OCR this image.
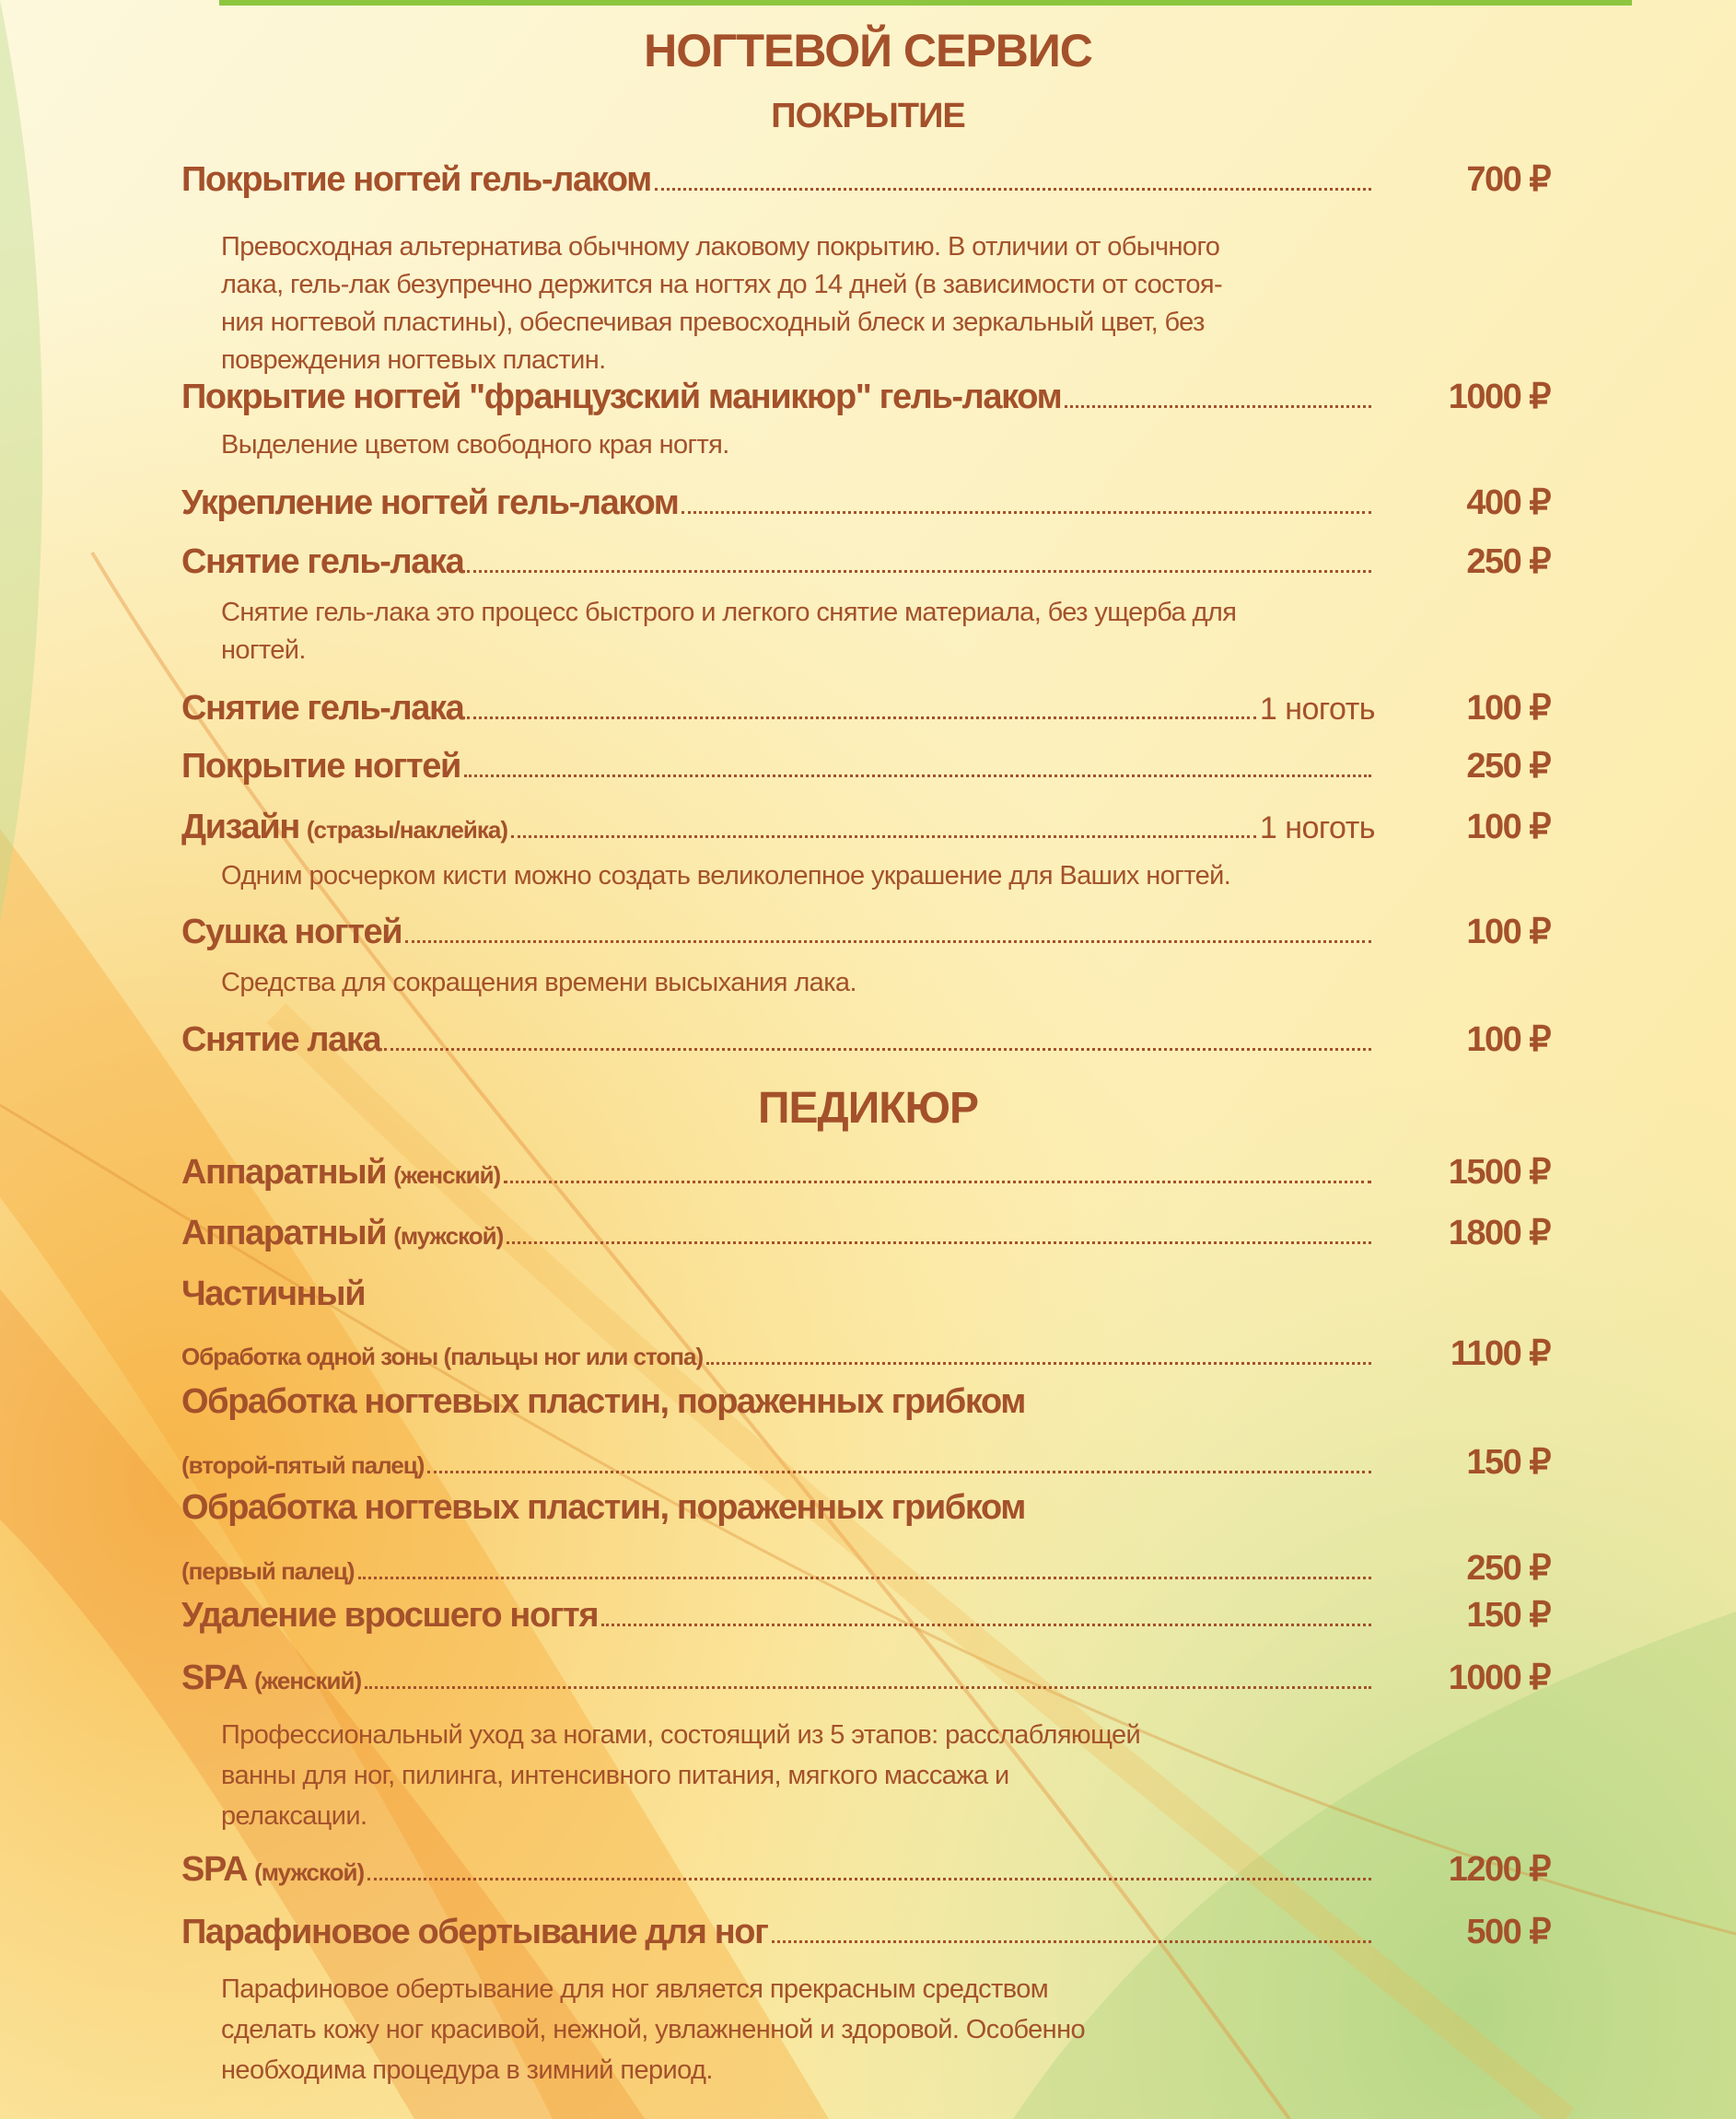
НОГТЕВОЙ СЕРВИС
ПОКРЫТИЕ
Покрытие ногтей гель-лаком	700 ₽
Превосходная альтернатива обычному лаковому покрытию. В отличии от обычного
лака, гель-лак безупречно держится на ногтях до 14 дней (в зависимости от состоя-
ния ногтевой пластины), обеспечивая превосходный блеск и зеркальный цвет, без
повреждения ногтевых пластин.
Покрытие ногтей "французский маникюр" гель-лаком	1000 ₽
Выделение цветом свободного края ногтя.
Укрепление ногтей гель-лаком	400 ₽
Снятие гель-лака	250 ₽
Снятие гель-лака это процесс быстрого и легкого снятие материала, без ущерба для
ногтей.
Снятие гель-лака	1 ноготь	100 ₽
Покрытие ногтей	250 ₽
Дизайн (стразы/наклейка)	1 ноготь	100 ₽
Одним росчерком кисти можно создать великолепное украшение для Ваших ногтей.
Сушка ногтей	100 ₽
Средства для сокращения времени высыхания лака.
Снятие лака	100 ₽
ПЕДИКЮР
Аппаратный (женский)	1500 ₽
Аппаратный (мужской)	1800 ₽
Частичный
Обработка одной зоны (пальцы ног или стопа)	1100 ₽
Обработка ногтевых пластин, пораженных грибком
(второй-пятый палец)	150 ₽
Обработка ногтевых пластин, пораженных грибком
(первый палец)	250 ₽
Удаление вросшего ногтя	150 ₽
SPA (женский)	1000 ₽
Профессиональный уход за ногами, состоящий из 5 этапов: расслабляющей
ванны для ног, пилинга, интенсивного питания, мягкого массажа и
релаксации.
SPA (мужской)	1200 ₽
Парафиновое обертывание для ног	500 ₽
Парафиновое обертывание для ног является прекрасным средством
сделать кожу ног красивой, нежной, увлажненной и здоровой. Особенно
необходима процедура в зимний период.
